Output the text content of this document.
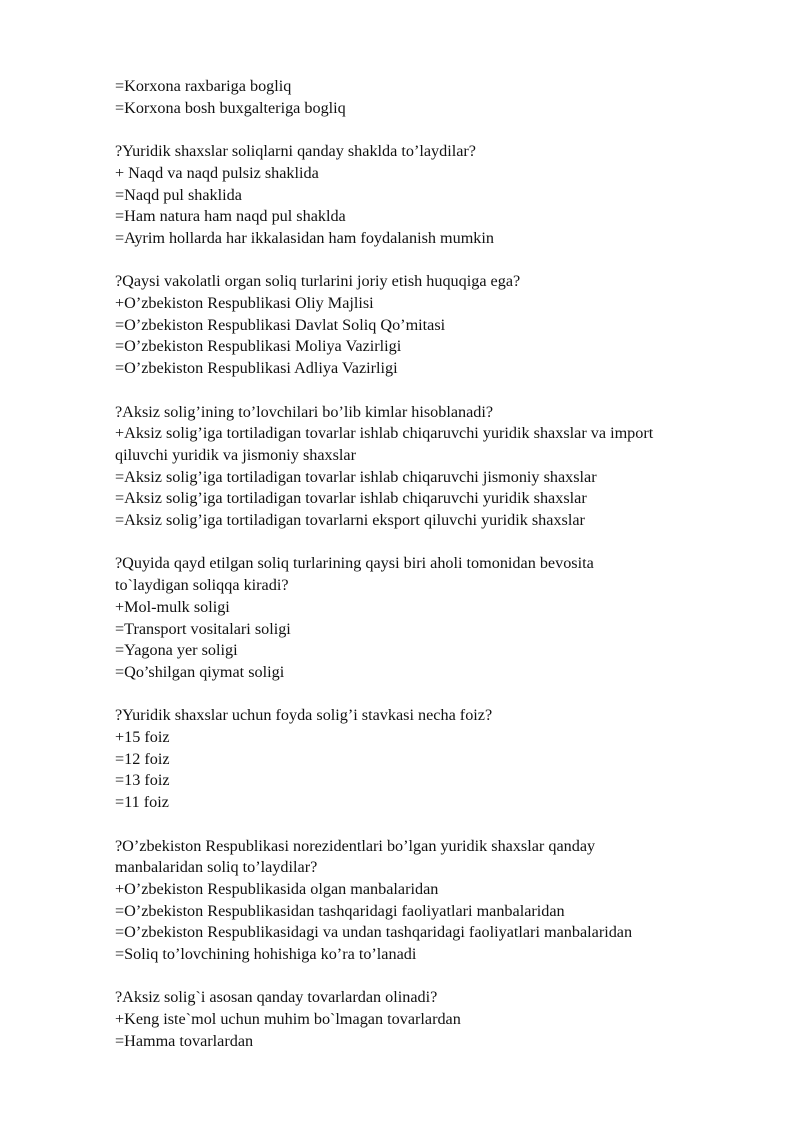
=Korxona raxbariga bogliq

=Korxona bosh buxgalteriga bogliq

?Yuridik shaxslar soliqlarni qanday shaklda to’laydilar?

+ Naqd va naqd pulsiz shaklida

=Naqd pul shaklida

=Ham natura ham naqd pul shaklda

=Ayrim hollarda har ikkalasidan ham foydalanish mumkin

?Qaysi vakolatli organ soliq turlarini joriy etish huquqiga ega?

+O’zbekiston Respublikasi Oliy Majlisi

=O’zbekiston Respublikasi Davlat Soliq Qo’mitasi

=O’zbekiston Respublikasi Moliya Vazirligi

=O’zbekiston Respublikasi Adliya Vazirligi

?Aksiz solig’ining to’lovchilari bo’lib kimlar hisoblanadi?

+Aksiz solig’iga tortiladigan tovarlar ishlab chiqaruvchi yuridik shaxslar va import

qiluvchi yuridik va jismoniy shaxslar

=Aksiz solig’iga tortiladigan tovarlar ishlab chiqaruvchi jismoniy shaxslar

=Aksiz solig’iga tortiladigan tovarlar ishlab chiqaruvchi yuridik shaxslar

=Aksiz solig’iga tortiladigan tovarlarni eksport qiluvchi yuridik shaxslar

?Quyida qayd etilgan soliq turlarining qaysi biri aholi tomonidan bevosita

to`laydigan soliqqa kiradi?

+Mol-mulk soligi

=Transport vositalari soligi

=Yagona yer soligi

=Qo’shilgan qiymat soligi

?Yuridik shaxslar uchun foyda solig’i stavkasi necha foiz?

+15 foiz

=12 foiz

=13 foiz

=11 foiz

?O’zbekiston Respublikasi norezidentlari bo’lgan yuridik shaxslar qanday

manbalaridan soliq to’laydilar?

+O’zbekiston Respublikasida olgan manbalaridan

=O’zbekiston Respublikasidan tashqaridagi faoliyatlari manbalaridan

=O’zbekiston Respublikasidagi va undan tashqaridagi faoliyatlari manbalaridan

=Soliq to’lovchining hohishiga ko’ra to’lanadi

?Aksiz solig`i asosan qanday tovarlardan olinadi?

+Keng iste`mol uchun muhim bo`lmagan tovarlardan

=Hamma tovarlardan
